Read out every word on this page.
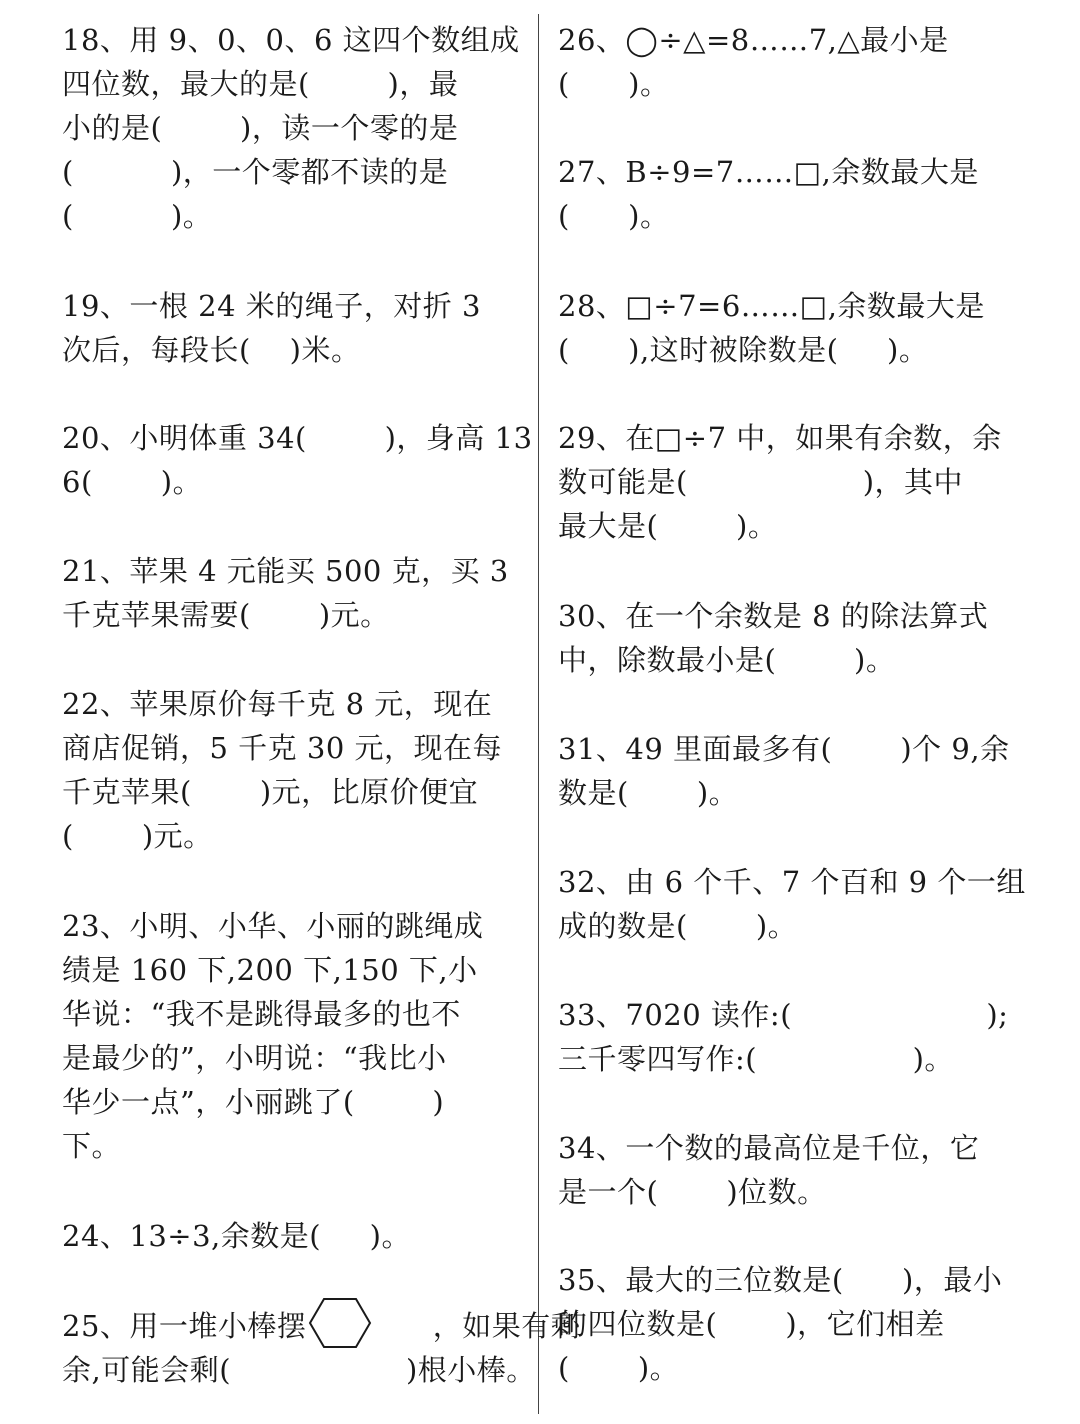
18、用 9、0、0、6 这四个数组成
四位数，最大的是(        )，最
小的是(        )，读一个零的是
(          )，一个零都不读的是
(          )。
19、一根 24 米的绳子，对折 3
次后，每段长(    )米。
20、小明体重 34(        )，身高 13
6(       )。
21、苹果 4 元能买 500 克，买 3
千克苹果需要(       )元。
22、苹果原价每千克 8 元，现在
商店促销，5 千克 30 元，现在每
千克苹果(       )元，比原价便宜
(       )元。
23、小明、小华、小丽的跳绳成
绩是 160 下,200 下,150 下,小
华说：“我不是跳得最多的也不
是最少的”，小明说：“我比小
华少一点”，小丽跳了(        )
下。
24、13÷3,余数是(     )。
25、用一堆小棒摆             ，如果有剩
余,可能会剩(                  )根小棒。
26、◯÷△=8……7,△最小是
(      )。
27、B÷9=7……□,余数最大是
(      )。
28、□÷7=6……□,余数最大是
(      ),这时被除数是(     )。
29、在□÷7 中，如果有余数，余
数可能是(                  )，其中
最大是(        )。
30、在一个余数是 8 的除法算式
中，除数最小是(        )。
31、49 里面最多有(       )个 9,余
数是(       )。
32、由 6 个千、7 个百和 9 个一组
成的数是(       )。
33、7020 读作:(                    );
三千零四写作:(                )。
34、一个数的最高位是千位，它
是一个(       )位数。
35、最大的三位数是(      )，最小
的四位数是(       )，它们相差
(       )。
